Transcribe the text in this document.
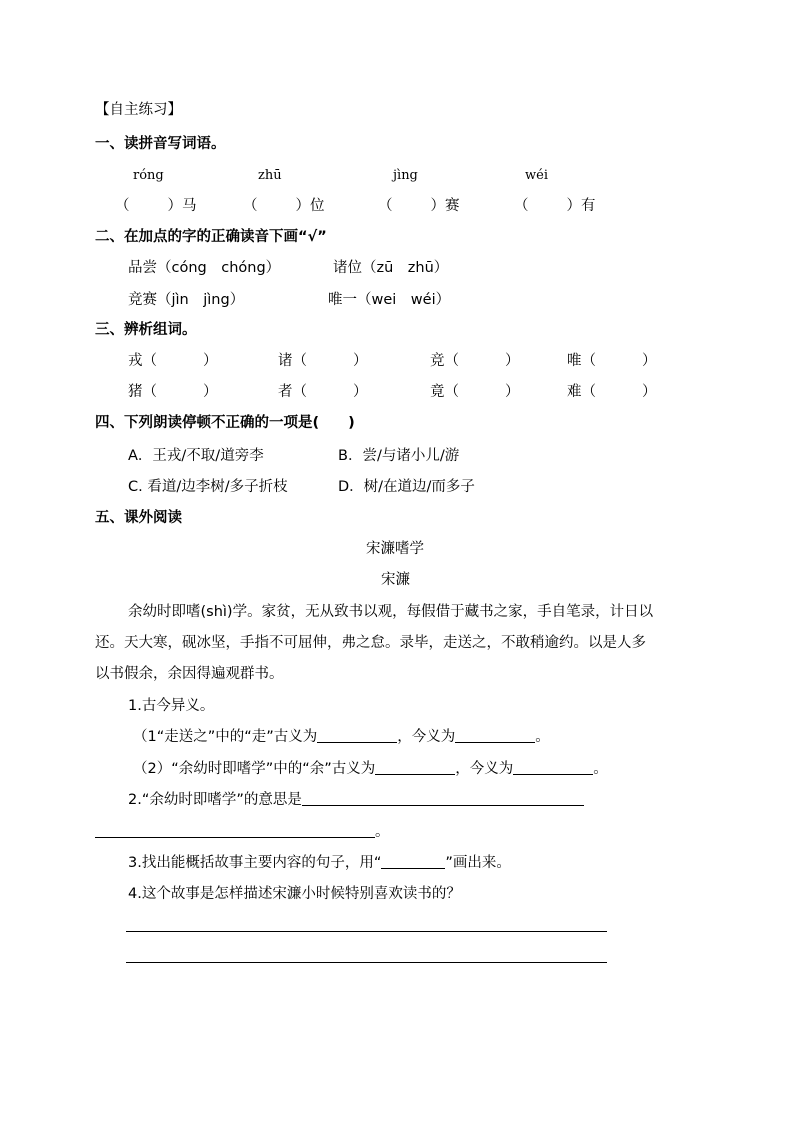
【自主练习】
一、读拼音写词语。
róng	zhū	jìng	wéi
（	）马	（	）位	（	）赛	（	）有
二、在加点的字的正确读音下画“√”
品尝（cóng　chóng）	诸位（zū　zhū）
竞赛（jìn　jìng）	唯一（wei　wéi）
三、辨析组词。
戎（	）	诸（	）	竞（	）	唯（	）
猪（	）	者（	）	竟（	）	难（	）
四、下列朗读停顿不正确的一项是(　　)
A．王戎/不取/道旁李	B．尝/与诸小儿/游
C. 看道/边李树/多子折枝	D．树/在道边/而多子
五、课外阅读
宋濂嗜学
宋濂
余幼时即嗜(shì)学。家贫，无从致书以观，每假借于藏书之家，手自笔录，计日以
还。天大寒，砚冰坚，手指不可屈伸，弗之怠。录毕，走送之，不敢稍逾约。以是人多
以书假余，余因得遍观群书。
1.古今异义。
（1“走送之”中的“走”古义为	，今义为	。
（2）“余幼时即嗜学”中的“余”古义为	，今义为	。
2.“余幼时即嗜学”的意思是
。
3.找出能概括故事主要内容的句子，用“	”画出来。
4.这个故事是怎样描述宋濂小时候特别喜欢读书的？
